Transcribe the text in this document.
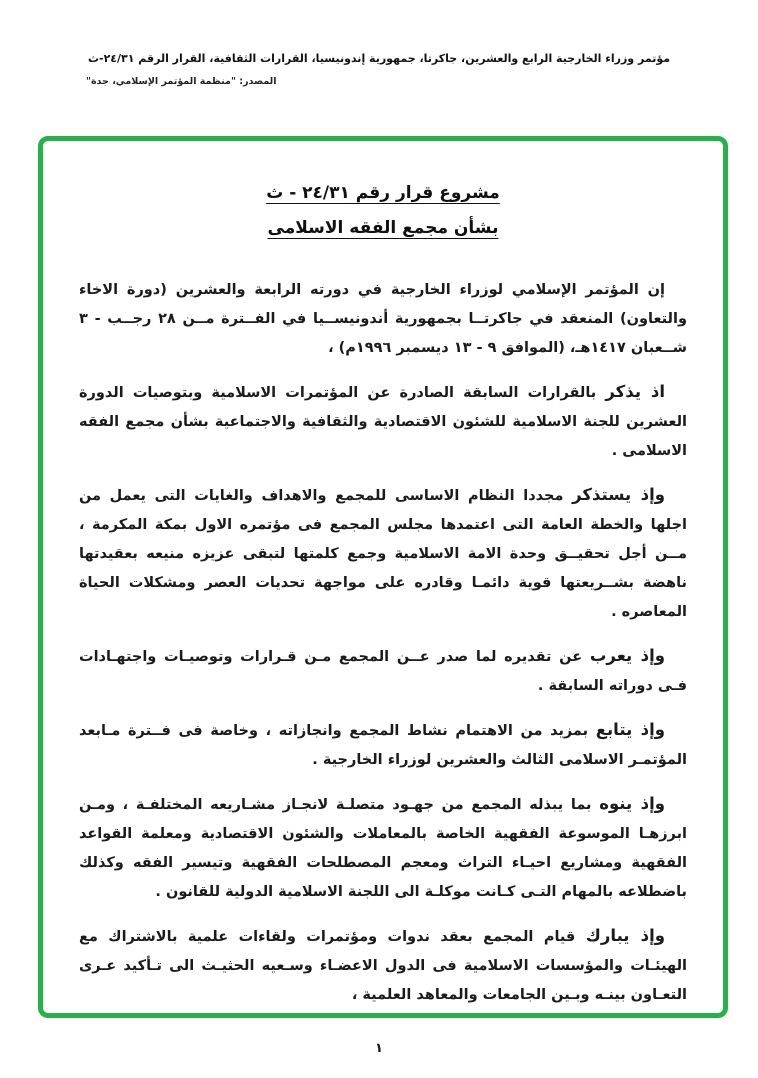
مؤتمر وزراء الخارجية الرابع والعشرين، جاكرتا، جمهورية إندونيسيا، القرارات الثقافية، القرار الرقم ٢٤/٣١-ث
المصدر: "منظمة المؤتمر الإسلامي، جدة"
مشروع قرار رقم ٢٤/٣١ - ث
بشأن مجمع الفقه الاسلامى

إن المؤتمر الإسلامي لوزراء الخارجية في دورته الرابعة والعشرين (دورة الاخاء والتعاون) المنعقد في جاكرتــا بجمهورية أندونيســيا في الفــترة مــن ٢٨ رجــب - ٣ شــعبان ١٤١٧هـ، (الموافق ٩ - ١٣ ديسمبر ١٩٩٦م) ،

اذ يذكر بالقرارات السابقة الصادرة عن المؤتمرات الاسلامية وبتوصيات الدورة العشرين للجنة الاسلامية للشئون الاقتصادية والثقافية والاجتماعية بشأن مجمع الفقه الاسلامى .

وإذ يستذكر مجددا النظام الاساسى للمجمع والاهداف والغايات التى يعمل من اجلها والخطة العامة التى اعتمدها مجلس المجمع فى مؤتمره الاول بمكة المكرمة ، مــن أجل تحقيــق وحدة الامة الاسلامية وجمع كلمتها لتبقى عزيزه منيعه بعقيدتها ناهضة بشــريعتها قوية دائمـا وقادره على مواجهة تحديات العصر ومشكلات الحياة المعاصره .

وإذ يعرب عن تقديره لما صدر عــن المجمع مـن قـرارات وتوصيـات واجتهـادات فـى دوراته السابقة .

وإذ يتابع بمزيد من الاهتمام نشاط المجمع وانجازاته ، وخاصة فى فــترة مـابعد المؤتمـر الاسلامى الثالث والعشرين لوزراء الخارجية .

وإذ ينوه بما يبذله المجمع من جهـود متصلـة لانجـاز مشـاريعه المختلفـة ، ومـن ابرزهـا الموسوعة الفقهية الخاصة بالمعاملات والشئون الاقتصادية ومعلمة القواعد الفقهية ومشاريع احيـاء التراث ومعجم المصطلحات الفقهية وتيسير الفقه وكذلك باضطلاعه بالمهام التـى كـانت موكلـة الى اللجنة الاسلامية الدولية للقانون .

وإذ يبارك قيام المجمع بعقد ندوات ومؤتمرات ولقاءات علمية بالاشتراك مع الهيئـات والمؤسسات الاسلامية فى الدول الاعضـاء وسـعيه الحثيـث الى تـأكيد عـرى التعـاون بينـه وبـين الجامعات والمعاهد العلمية ،

١
